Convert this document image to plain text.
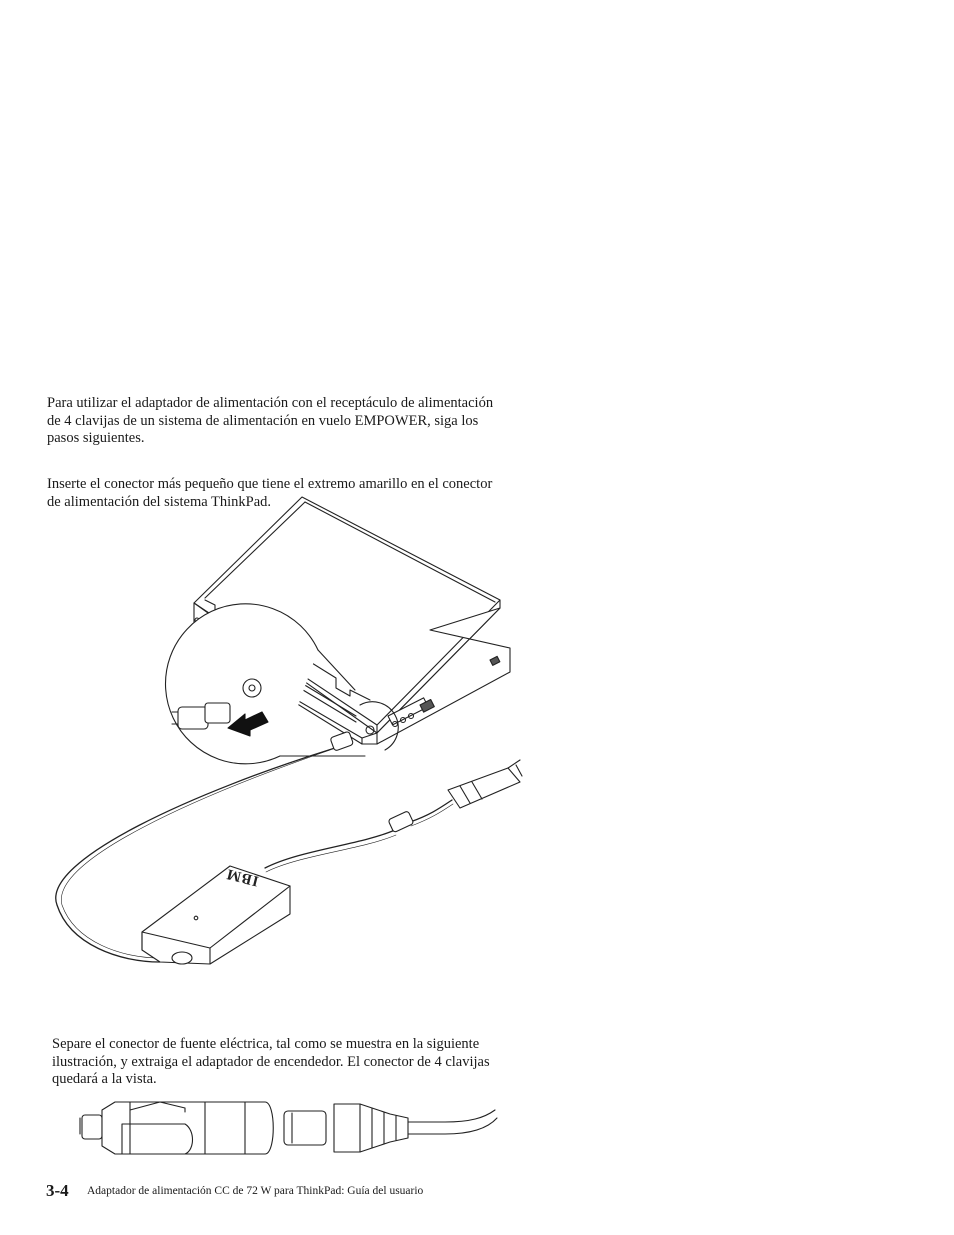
Para utilizar el adaptador de alimentación con el receptáculo de alimentación
de 4 clavijas de un sistema de alimentación en vuelo EMPOWER, siga los
pasos siguientes.
Inserte el conector más pequeño que tiene el extremo amarillo en el conector
de alimentación del sistema ThinkPad.
IBM
Separe el conector de fuente eléctrica, tal como se muestra en la siguiente
ilustración, y extraiga el adaptador de encendedor. El conector de 4 clavijas
quedará a la vista.
3-4 Adaptador de alimentación CC de 72 W para ThinkPad: Guía del usuario
